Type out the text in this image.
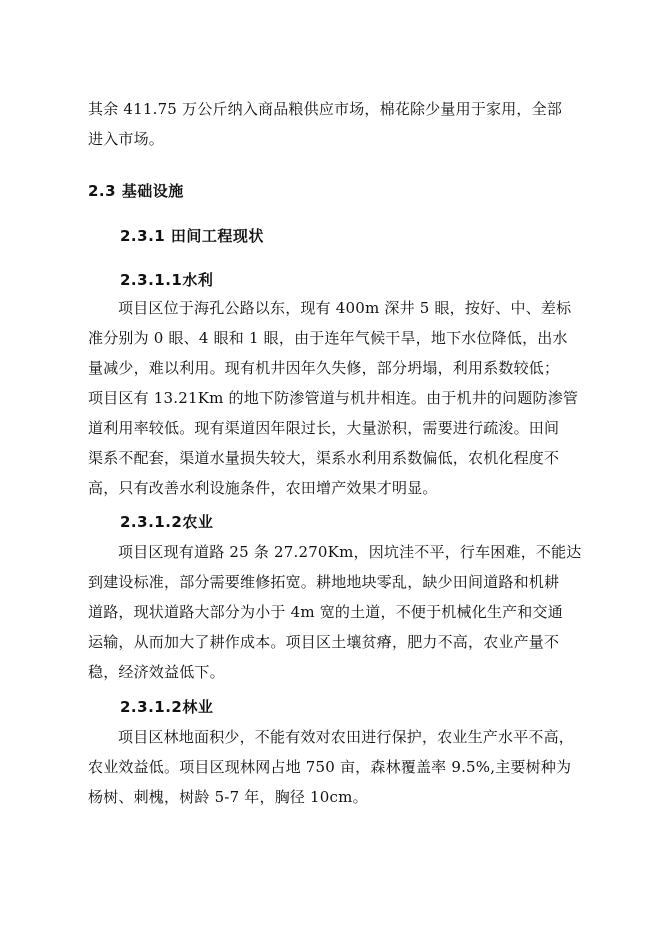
其余 411.75 万公斤纳入商品粮供应市场，棉花除少量用于家用，全部
进入市场。
2.3 基础设施
2.3.1 田间工程现状
2.3.1.1水利
项目区位于海孔公路以东，现有 400m 深井 5 眼，按好、中、差标
准分别为 0 眼、4 眼和 1 眼，由于连年气候干旱，地下水位降低，出水
量减少，难以利用。现有机井因年久失修，部分坍塌，利用系数较低；
项目区有 13.21Km 的地下防渗管道与机井相连。由于机井的问题防渗管
道利用率较低。现有渠道因年限过长，大量淤积，需要进行疏浚。田间
渠系不配套，渠道水量损失较大，渠系水利用系数偏低，农机化程度不
高，只有改善水利设施条件，农田增产效果才明显。
2.3.1.2农业
项目区现有道路 25 条 27.270Km，因坑洼不平，行车困难，不能达
到建设标准，部分需要维修拓宽。耕地地块零乱，缺少田间道路和机耕
道路，现状道路大部分为小于 4m 宽的土道，不便于机械化生产和交通
运输，从而加大了耕作成本。项目区土壤贫瘠，肥力不高，农业产量不
稳，经济效益低下。
2.3.1.2林业
项目区林地面积少，不能有效对农田进行保护，农业生产水平不高，
农业效益低。项目区现林网占地 750 亩，森林覆盖率 9.5%,主要树种为
杨树、刺槐，树龄 5-7 年，胸径 10cm。
